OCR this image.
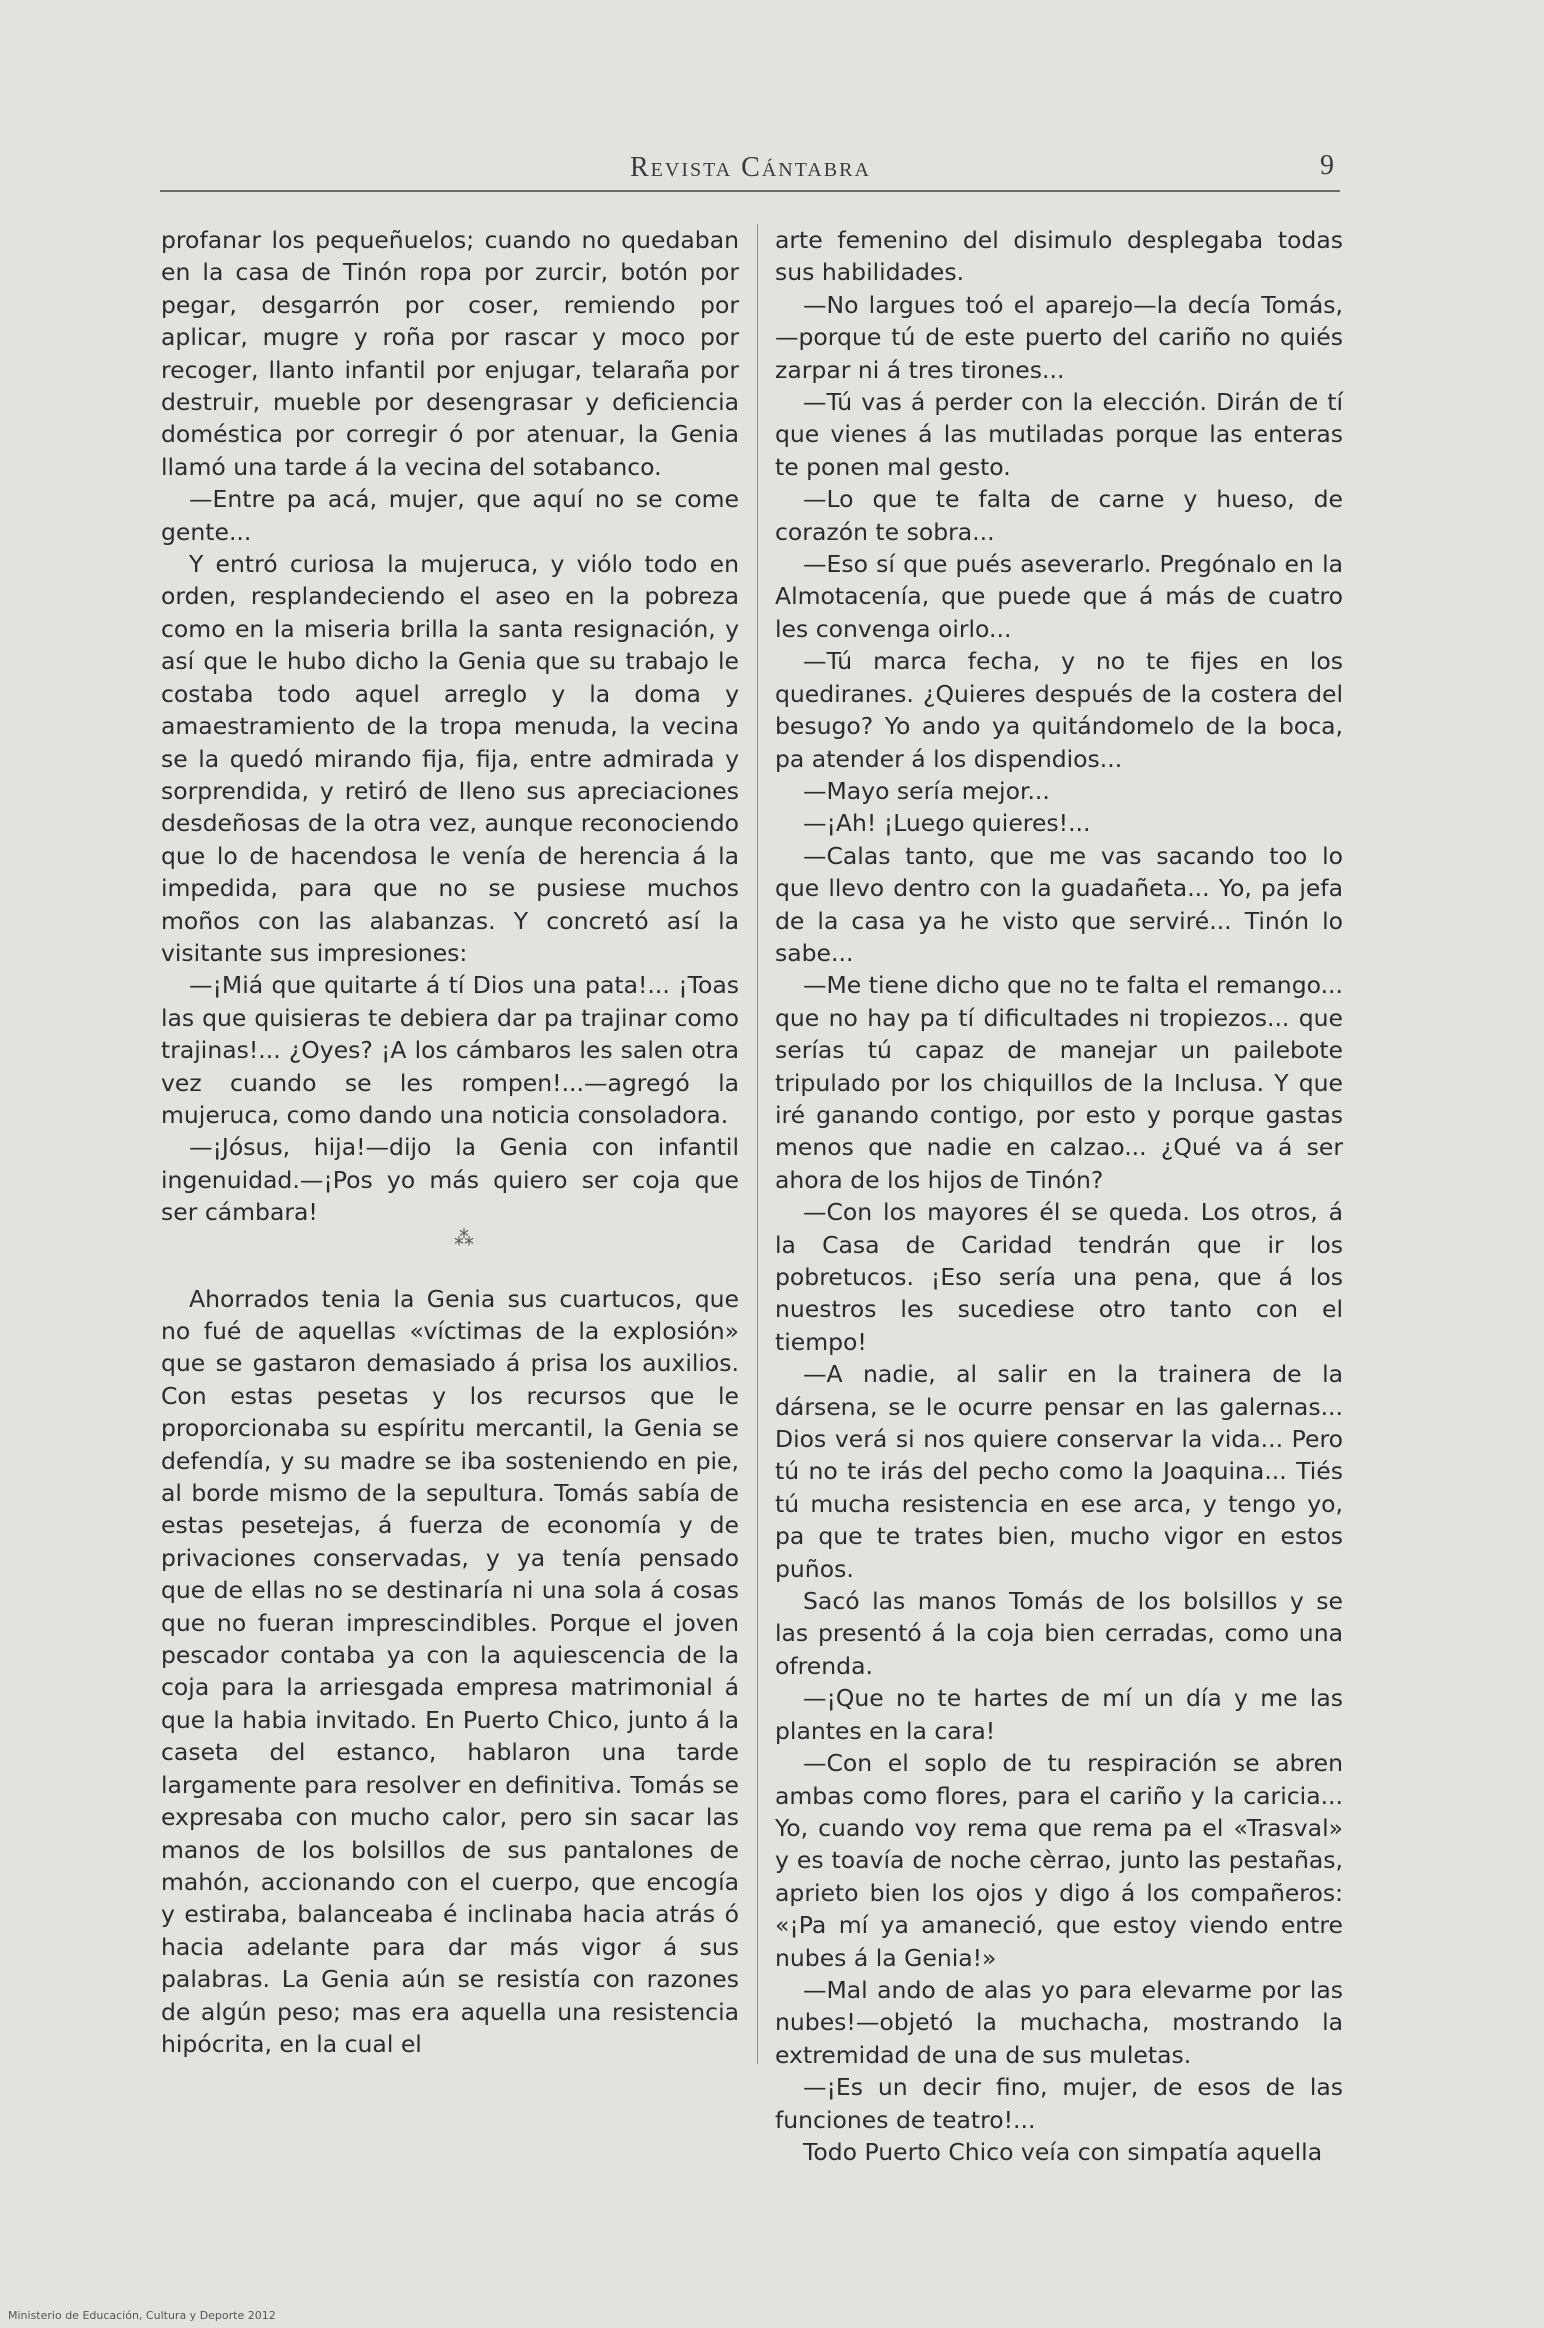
Revista Cántabra	9

profanar los pequeñuelos; cuando no quedaban en la casa de Tinón ropa por zurcir, botón por pegar, desgarrón por coser, remiendo por aplicar, mugre y roña por rascar y moco por recoger, llanto infantil por enjugar, telaraña por destruir, mueble por desengrasar y deficiencia doméstica por corregir ó por atenuar, la Genia llamó una tarde á la vecina del sotabanco.

—Entre pa acá, mujer, que aquí no se come gente...

Y entró curiosa la mujeruca, y viólo todo en orden, resplandeciendo el aseo en la pobreza como en la miseria brilla la santa resignación, y así que le hubo dicho la Genia que su trabajo le costaba todo aquel arreglo y la doma y amaestramiento de la tropa menuda, la vecina se la quedó mirando fija, fija, entre admirada y sorprendida, y retiró de lleno sus apreciaciones desdeñosas de la otra vez, aunque reconociendo que lo de hacendosa le venía de herencia á la impedida, para que no se pusiese muchos moños con las alabanzas. Y concretó así la visitante sus impresiones:

—¡Miá que quitarte á tí Dios una pata!... ¡Toas las que quisieras te debiera dar pa trajinar como trajinas!... ¿Oyes? ¡A los cámbaros les salen otra vez cuando se les rompen!...—agregó la mujeruca, como dando una noticia consoladora.

—¡Jósus, hija!—dijo la Genia con infantil ingenuidad.—¡Pos yo más quiero ser coja que ser cámbara!

⁂

Ahorrados tenia la Genia sus cuartucos, que no fué de aquellas «víctimas de la explosión» que se gastaron demasiado á prisa los auxilios. Con estas pesetas y los recursos que le proporcionaba su espíritu mercantil, la Genia se defendía, y su madre se iba sosteniendo en pie, al borde mismo de la sepultura. Tomás sabía de estas pesetejas, á fuerza de economía y de privaciones conservadas, y ya tenía pensado que de ellas no se destinaría ni una sola á cosas que no fueran imprescindibles. Porque el joven pescador contaba ya con la aquiescencia de la coja para la arriesgada empresa matrimonial á que la habia invitado. En Puerto Chico, junto á la caseta del estanco, hablaron una tarde largamente para resolver en definitiva. Tomás se expresaba con mucho calor, pero sin sacar las manos de los bolsillos de sus pantalones de mahón, accionando con el cuerpo, que encogía y estiraba, balanceaba é inclinaba hacia atrás ó hacia adelante para dar más vigor á sus palabras. La Genia aún se resistía con razones de algún peso; mas era aquella una resistencia hipócrita, en la cual el

arte femenino del disimulo desplegaba todas sus habilidades.

—No largues toó el aparejo—la decía Tomás,—porque tú de este puerto del cariño no quiés zarpar ni á tres tirones...

—Tú vas á perder con la elección. Dirán de tí que vienes á las mutiladas porque las enteras te ponen mal gesto.

—Lo que te falta de carne y hueso, de corazón te sobra...

—Eso sí que pués aseverarlo. Pregónalo en la Almotacenía, que puede que á más de cuatro les convenga oirlo...

—Tú marca fecha, y no te fijes en los quediranes. ¿Quieres después de la costera del besugo? Yo ando ya quitándomelo de la boca, pa atender á los dispendios...

—Mayo sería mejor...

—¡Ah! ¡Luego quieres!...

—Calas tanto, que me vas sacando too lo que llevo dentro con la guadañeta... Yo, pa jefa de la casa ya he visto que serviré... Tinón lo sabe...

—Me tiene dicho que no te falta el remango... que no hay pa tí dificultades ni tropiezos... que serías tú capaz de manejar un pailebote tripulado por los chiquillos de la Inclusa. Y que iré ganando contigo, por esto y porque gastas menos que nadie en calzao... ¿Qué va á ser ahora de los hijos de Tinón?

—Con los mayores él se queda. Los otros, á la Casa de Caridad tendrán que ir los pobretucos. ¡Eso sería una pena, que á los nuestros les sucediese otro tanto con el tiempo!

—A nadie, al salir en la trainera de la dársena, se le ocurre pensar en las galernas... Dios verá si nos quiere conservar la vida... Pero tú no te irás del pecho como la Joaquina... Tiés tú mucha resistencia en ese arca, y tengo yo, pa que te trates bien, mucho vigor en estos puños.

Sacó las manos Tomás de los bolsillos y se las presentó á la coja bien cerradas, como una ofrenda.

—¡Que no te hartes de mí un día y me las plantes en la cara!

—Con el soplo de tu respiración se abren ambas como flores, para el cariño y la caricia... Yo, cuando voy rema que rema pa el «Trasval» y es toavía de noche cèrrao, junto las pestañas, aprieto bien los ojos y digo á los compañeros: «¡Pa mí ya amaneció, que estoy viendo entre nubes á la Genia!»

—Mal ando de alas yo para elevarme por las nubes!—objetó la muchacha, mostrando la extremidad de una de sus muletas.

—¡Es un decir fino, mujer, de esos de las funciones de teatro!...

Todo Puerto Chico veía con simpatía aquella

Ministerio de Educación, Cultura y Deporte 2012
